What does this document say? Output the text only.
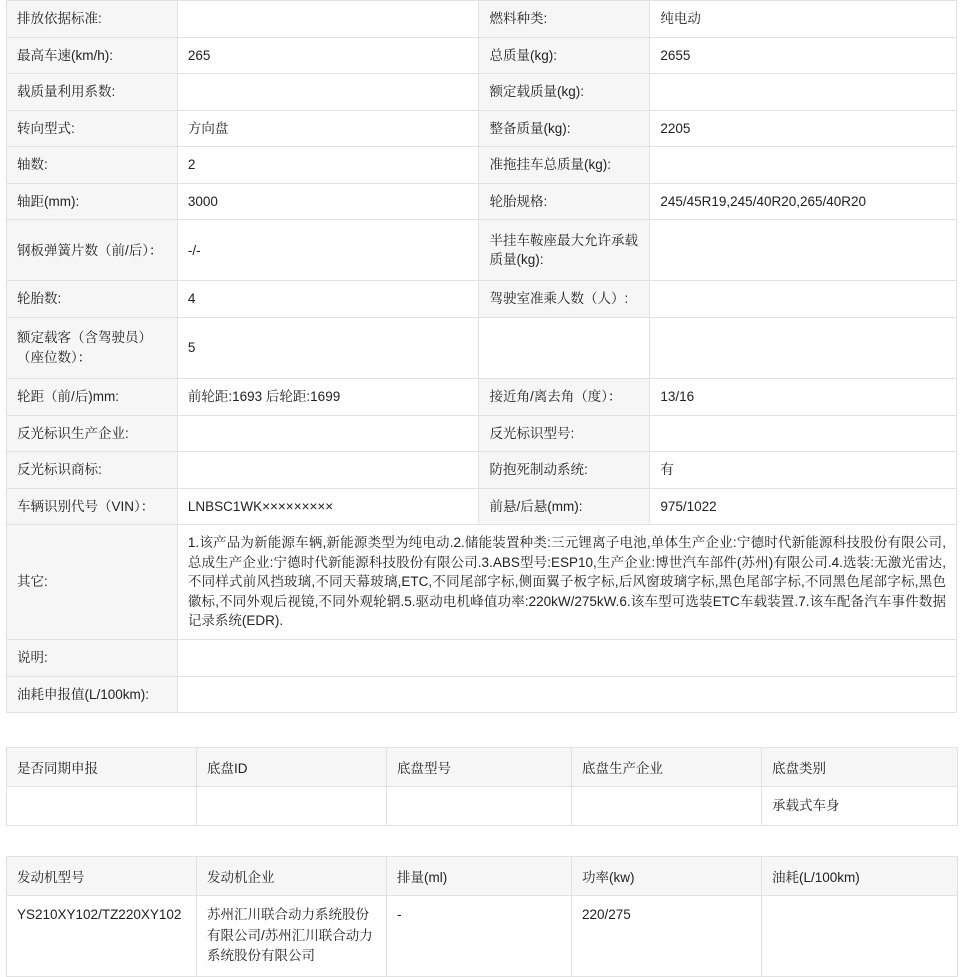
排放依据标准:		燃料种类:	纯电动
最高车速(km/h):	265	总质量(kg):	2655
载质量利用系数:		额定载质量(kg):	
转向型式:	方向盘	整备质量(kg):	2205
轴数:	2	准拖挂车总质量(kg):	
轴距(mm):	3000	轮胎规格:	245/45R19,245/40R20,265/40R20
钢板弹簧片数（前/后）：	-/-	半挂车鞍座最大允许承载质量(kg):	
轮胎数:	4	驾驶室准乘人数（人）:	
额定载客（含驾驶员）（座位数）：	5		
轮距（前/后)mm:	前轮距:1693 后轮距:1699	接近角/离去角（度）：	13/16
反光标识生产企业:		反光标识型号:	
反光标识商标:		防抱死制动系统:	有
车辆识别代号（VIN）：	LNBSC1WK×××××××××	前悬/后悬(mm):	975/1022
其它:	1.该产品为新能源车辆,新能源类型为纯电动.2.储能装置种类:三元锂离子电池,单体生产企业:宁德时代新能源科技股份有限公司,总成生产企业:宁德时代新能源科技股份有限公司.3.ABS型号:ESP10,生产企业:博世汽车部件(苏州)有限公司.4.选装:无激光雷达,不同样式前风挡玻璃,不同天幕玻璃,ETC,不同尾部字标,侧面翼子板字标,后风窗玻璃字标,黑色尾部字标,不同黑色尾部字标,黑色徽标,不同外观后视镜,不同外观轮辋.5.驱动电机峰值功率:220kW/275kW.6.该车型可选装ETC车载装置.7.该车配备汽车事件数据记录系统(EDR).		
说明:			
油耗申报值(L/100km):			
是否同期申报	底盘ID	底盘型号	底盘生产企业	底盘类别
				承载式车身
发动机型号	发动机企业	排量(ml)	功率(kw)	油耗(L/100km)
YS210XY102/TZ220XY102	苏州汇川联合动力系统股份有限公司/苏州汇川联合动力系统股份有限公司	-	220/275	
